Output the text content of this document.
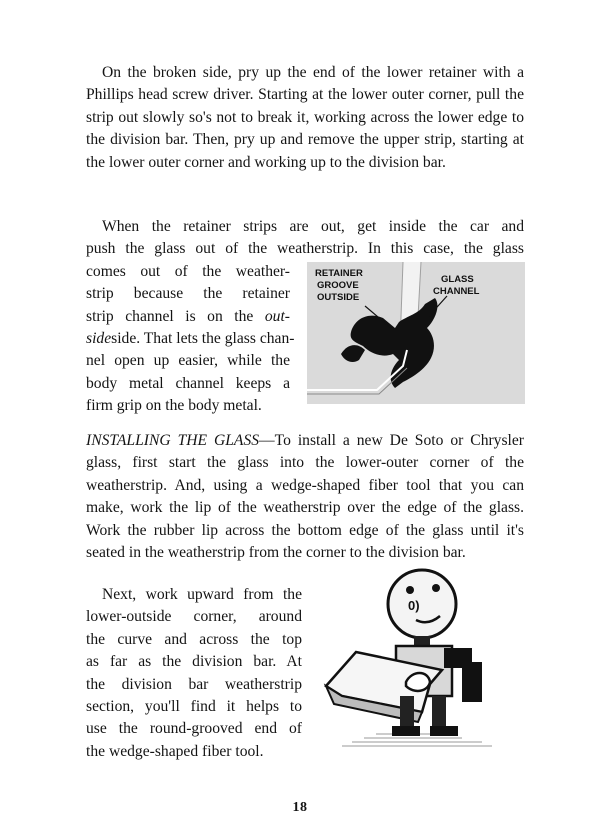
On the broken side, pry up the end of the lower retainer with a Phillips head screw driver. Starting at the lower outer corner, pull the strip out slowly so's not to break it, working across the lower edge to the division bar. Then, pry up and remove the upper strip, starting at the lower outer corner and working up to the division bar.

When the retainer strips are out, get inside the car and
push the glass out of the weatherstrip. In this case, the glass
comes out of the weather-
strip because the retainer
strip channel is on the out-
sideside. That lets the glass chan-
nel open up easier, while the
body metal channel keeps a
firm grip on the body metal.
RETAINER
GROOVE
OUTSIDE
GLASS
CHANNEL

INSTALLING THE GLASS—To install a new De Soto or Chrysler glass, first start the glass into the lower-outer corner of the weatherstrip. And, using a wedge-shaped fiber tool that you can make, work the lip of the weatherstrip over the edge of the glass. Work the rubber lip across the bottom edge of the glass until it's seated in the weatherstrip from the corner to the division bar.

Next, work upward from the
lower-outside corner, around
the curve and across the top
as far as the division bar. At
the division bar weatherstrip
section, you'll find it helps to
use the round-grooved end of
the wedge-shaped fiber tool.
0)
18
